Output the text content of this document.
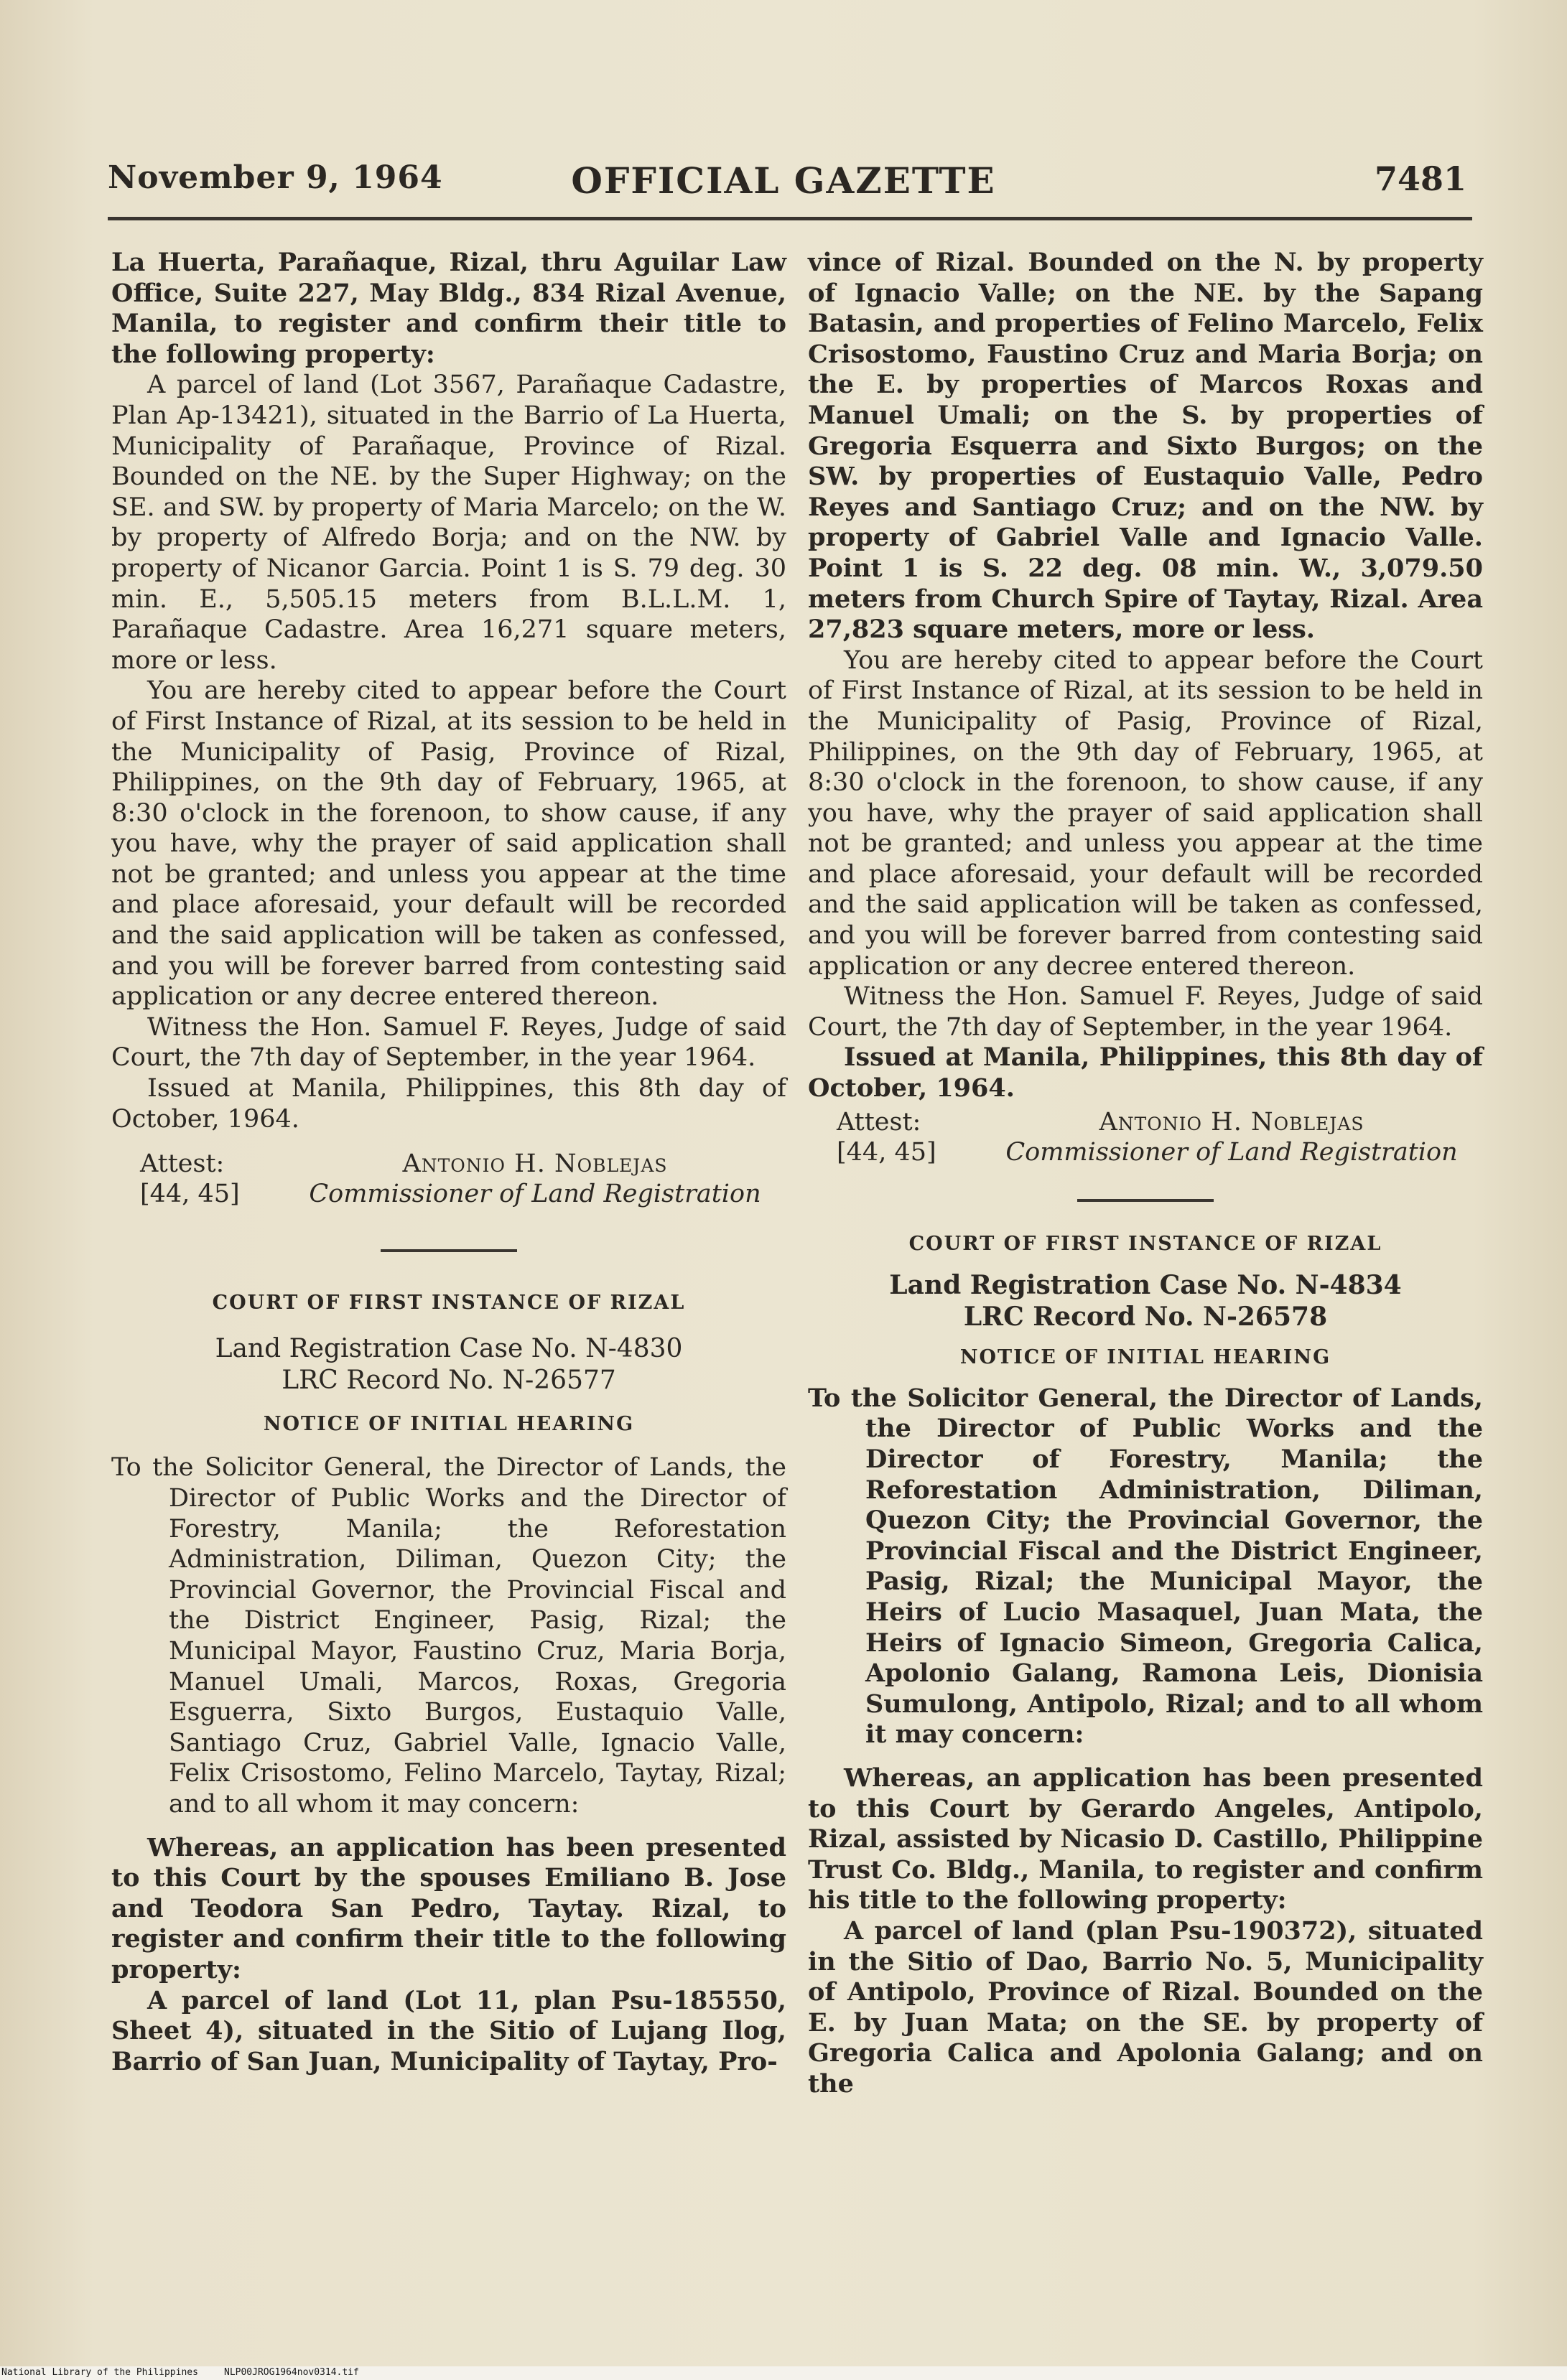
November 9, 1964	OFFICIAL GAZETTE	7481

La Huerta, Parañaque, Rizal, thru Aguilar Law Office, Suite 227, May Bldg., 834 Rizal Avenue, Manila, to register and confirm their title to the following property:

A parcel of land (Lot 3567, Parañaque Cadastre, Plan Ap-13421), situated in the Barrio of La Huerta, Municipality of Parañaque, Province of Rizal. Bounded on the NE. by the Super Highway; on the SE. and SW. by property of Maria Marcelo; on the W. by property of Alfredo Borja; and on the NW. by property of Nicanor Garcia. Point 1 is S. 79 deg. 30 min. E., 5,505.15 meters from B.L.L.M. 1, Parañaque Cadastre. Area 16,271 square meters, more or less.

You are hereby cited to appear before the Court of First Instance of Rizal, at its session to be held in the Municipality of Pasig, Province of Rizal, Philippines, on the 9th day of February, 1965, at 8:30 o'clock in the forenoon, to show cause, if any you have, why the prayer of said application shall not be granted; and unless you appear at the time and place aforesaid, your default will be recorded and the said application will be taken as confessed, and you will be forever barred from contesting said application or any decree entered thereon.

Witness the Hon. Samuel F. Reyes, Judge of said Court, the 7th day of September, in the year 1964.

Issued at Manila, Philippines, this 8th day of October, 1964.

Attest:	Antonio H. Noblejas
[44, 45]	Commissioner of Land Registration

COURT OF FIRST INSTANCE OF RIZAL

Land Registration Case No. N-4830

LRC Record No. N-26577

NOTICE OF INITIAL HEARING

To the Solicitor General, the Director of Lands, the Director of Public Works and the Director of Forestry, Manila; the Reforestation Administration, Diliman, Quezon City; the Provincial Governor, the Provincial Fiscal and the District Engineer, Pasig, Rizal; the Municipal Mayor, Faustino Cruz, Maria Borja, Manuel Umali, Marcos, Roxas, Gregoria Esguerra, Sixto Burgos, Eustaquio Valle, Santiago Cruz, Gabriel Valle, Ignacio Valle, Felix Crisostomo, Felino Marcelo, Taytay, Rizal; and to all whom it may concern:

Whereas, an application has been presented to this Court by the spouses Emiliano B. Jose and Teodora San Pedro, Taytay. Rizal, to register and confirm their title to the following property:

A parcel of land (Lot 11, plan Psu-185550, Sheet 4), situated in the Sitio of Lujang Ilog, Barrio of San Juan, Municipality of Taytay, Pro-

vince of Rizal. Bounded on the N. by property of Ignacio Valle; on the NE. by the Sapang Batasin, and properties of Felino Marcelo, Felix Crisostomo, Faustino Cruz and Maria Borja; on the E. by properties of Marcos Roxas and Manuel Umali; on the S. by properties of Gregoria Esquerra and Sixto Burgos; on the SW. by properties of Eustaquio Valle, Pedro Reyes and Santiago Cruz; and on the NW. by property of Gabriel Valle and Ignacio Valle. Point 1 is S. 22 deg. 08 min. W., 3,079.50 meters from Church Spire of Taytay, Rizal. Area 27,823 square meters, more or less.

You are hereby cited to appear before the Court of First Instance of Rizal, at its session to be held in the Municipality of Pasig, Province of Rizal, Philippines, on the 9th day of February, 1965, at 8:30 o'clock in the forenoon, to show cause, if any you have, why the prayer of said application shall not be granted; and unless you appear at the time and place aforesaid, your default will be recorded and the said application will be taken as confessed, and you will be forever barred from contesting said application or any decree entered thereon.

Witness the Hon. Samuel F. Reyes, Judge of said Court, the 7th day of September, in the year 1964.

Issued at Manila, Philippines, this 8th day of October, 1964.

Attest:	Antonio H. Noblejas
[44, 45]	Commissioner of Land Registration

COURT OF FIRST INSTANCE OF RIZAL

Land Registration Case No. N-4834

LRC Record No. N-26578

NOTICE OF INITIAL HEARING

To the Solicitor General, the Director of Lands, the Director of Public Works and the Director of Forestry, Manila; the Reforestation Administration, Diliman, Quezon City; the Provincial Governor, the Provincial Fiscal and the District Engineer, Pasig, Rizal; the Municipal Mayor, the Heirs of Lucio Masaquel, Juan Mata, the Heirs of Ignacio Simeon, Gregoria Calica, Apolonio Galang, Ramona Leis, Dionisia Sumulong, Antipolo, Rizal; and to all whom it may concern:

Whereas, an application has been presented to this Court by Gerardo Angeles, Antipolo, Rizal, assisted by Nicasio D. Castillo, Philippine Trust Co. Bldg., Manila, to register and confirm his title to the following property:

A parcel of land (plan Psu-190372), situated in the Sitio of Dao, Barrio No. 5, Municipality of Antipolo, Province of Rizal. Bounded on the E. by Juan Mata; on the SE. by property of Gregoria Calica and Apolonia Galang; and on the

National Library of the Philippines	NLP00JROG1964nov0314.tif
